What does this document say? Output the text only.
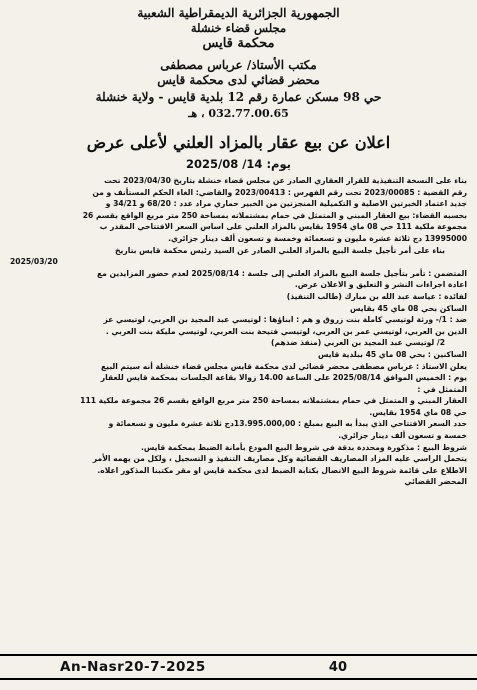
الجمهورية الجزائرية الديمقراطية الشعبية
مجلس قضاء خنشلة
محكمة قايس
مكتب الأستاذ/ عرباس مصطفى
محضر قضائي لدى محكمة قايس
حي 98 مسكن عمارة رقم 12 بلدية قايس - ولاية خنشلة
032.77.00.65 ، هـ
اعلان عن بيع عقار بالمزاد العلني لأعلى عرض
يوم: 14/ 2025/08

بناء على النسخة التنفيذية للقرار العقاري الصادر عن مجلس قضاء خنشلة بتاريخ 2023/04/30 تحت

رقم القضية : 2023/00085 تحت رقم الفهرس : 2023/00413 والقاضي: الغاء الحكم المستأنف و من

جديد اعتماد الخبرتين الاصلية و التكميلية المنجزتين من الخبير حماري مراد عدد : 68/20 و 34/21 و

بحسبه القضاء: بيع العقار المبني و المتمثل في حمام بمشتملاته بمساحة 250 متر مربع الواقع بقسم 26

مجموعة ملكية 111 حي 08 ماي 1954 بقايس بالمزاد العلني على اساس السعر الافتتاحي المقدر ب

13995000 دج ثلاثة عشرة مليون و تسعمائة وخمسة و تسعون ألف دينار جزائري.

بناء على أمر تأجيل جلسة البيع بالمزاد العلني الصادر عن السيد رئيس محكمة قايس بتاريخ

2025/03/20

المتضمن : تأمر بتأجيل جلسة البيع بالمزاد العلني إلى جلسة : 2025/08/14 لعدم حضور المزايدين مع

اعادة اجراءات النشر و التعليق و الاعلان عرض.

لفائدة : عياسة عبد الله بن مبارك (طالب التنفيذ)

الساكن بحي 08 ماي 45 بقايس

ضد : 1/- ورثة لوتيسي كاملة بنت زروق و هم : ابناؤها : لوتيسي عبد المجيد بن العربي، لوتيسي عز

الدين بن العربي، لوتيسي عمر بن العربي، لوتيسي فتيحة بنت العربي، لوتيسي مليكة بنت العربي .

2/ لوتيسي عبد المجيد بن العربي (منفذ ضدهم)

الساكنين : بحي 08 ماي 45 ببلدية قايس

يعلن الاستاذ : عرباس مصطفى محضر قضائي لدى محكمة قايس مجلس قضاء خنشلة أنه سيتم البيع

يوم : الخميس الموافق 2025/08/14 على الساعة 14.00 زوالا بقاعة الجلسات بمحكمة قايس للعقار

المتمثل في :

العقار المبني و المتمثل في حمام بمشتملاته بمساحة 250 متر مربع الواقع بقسم 26 مجموعة ملكية 111

حي 08 ماي 1954 بقايس.

حدد السعر الافتتاحي الذي يبدأ به البيع بمبلغ : 13.995.000,00دج ثلاثة عشرة مليون و تسعمائة و

خمسة و تسعون ألف دينار جزائري.

شروط البيع : مذكورة ومحددة بدقة في شروط البيع المودع بأمانة الضبط بمحكمة قايس.

يتحمل الراسي عليه المزاد المصاريف القضائية وكل مصاريف التنفيذ و التسجيل ، ولكل من يهمه الأمر

الاطلاع على قائمة شروط البيع الاتصال بكتابة الضبط لدى محكمة قايس او مقر مكتبنا المذكور اعلاه.

المحضر القضائي

An-Nasr20-7-2025	40
